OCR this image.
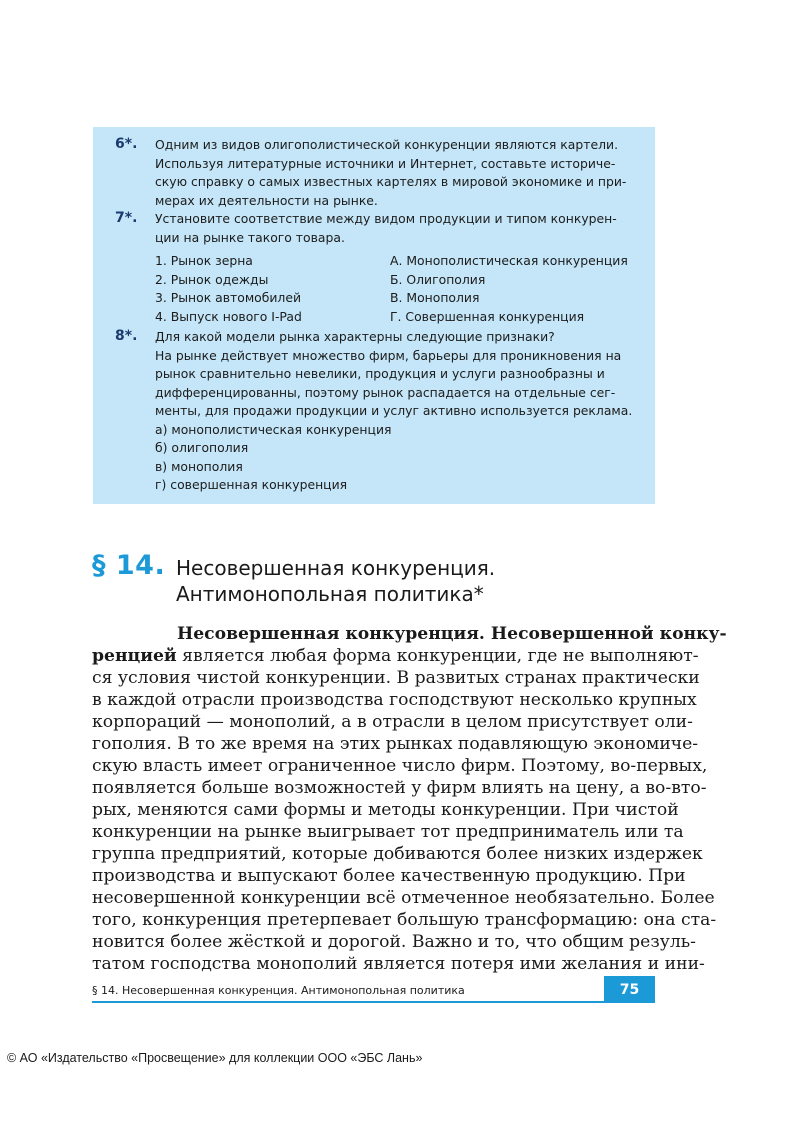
6*. Одним из видов олигополистической конкуренции являются картели.
Используя литературные источники и Интернет, составьте историче-
скую справку о самых известных картелях в мировой экономике и при-
мерах их деятельности на рынке.
7*. Установите соответствие между видом продукции и типом конкурен-
ции на рынке такого товара.
1. Рынок зерна
2. Рынок одежды
3. Рынок автомобилей
4. Выпуск нового I-Pad
А. Монополистическая конкуренция
Б. Олигополия
В. Монополия
Г. Совершенная конкуренция
8*. Для какой модели рынка характерны следующие признаки?
На рынке действует множество фирм, барьеры для проникновения на
рынок сравнительно невелики, продукция и услуги разнообразны и
дифференцированны, поэтому рынок распадается на отдельные сег-
менты, для продажи продукции и услуг активно используется реклама.
а) монополистическая конкуренция
б) олигополия
в) монополия
г) совершенная конкуренция
§ 14. Несовершенная конкуренция.
Антимонопольная политика*
Несовершенная конкуренция. Несовершенной конку-
ренцией является любая форма конкуренции, где не выполняют-
ся условия чистой конкуренции. В развитых странах практически
в каждой отрасли производства господствуют несколько крупных
корпораций — монополий, а в отрасли в целом присутствует оли-
гополия. В то же время на этих рынках подавляющую экономиче-
скую власть имеет ограниченное число фирм. Поэтому, во-первых,
появляется больше возможностей у фирм влиять на цену, а во-вто-
рых, меняются сами формы и методы конкуренции. При чистой
конкуренции на рынке выигрывает тот предприниматель или та
группа предприятий, которые добиваются более низких издержек
производства и выпускают более качественную продукцию. При
несовершенной конкуренции всё отмеченное необязательно. Более
того, конкуренция претерпевает большую трансформацию: она ста-
новится более жёсткой и дорогой. Важно и то, что общим резуль-
татом господства монополий является потеря ими желания и ини-
§ 14. Несовершенная конкуренция. Антимонопольная политика	75
© АО «Издательство «Просвещение» для коллекции ООО «ЭБС Лань»
